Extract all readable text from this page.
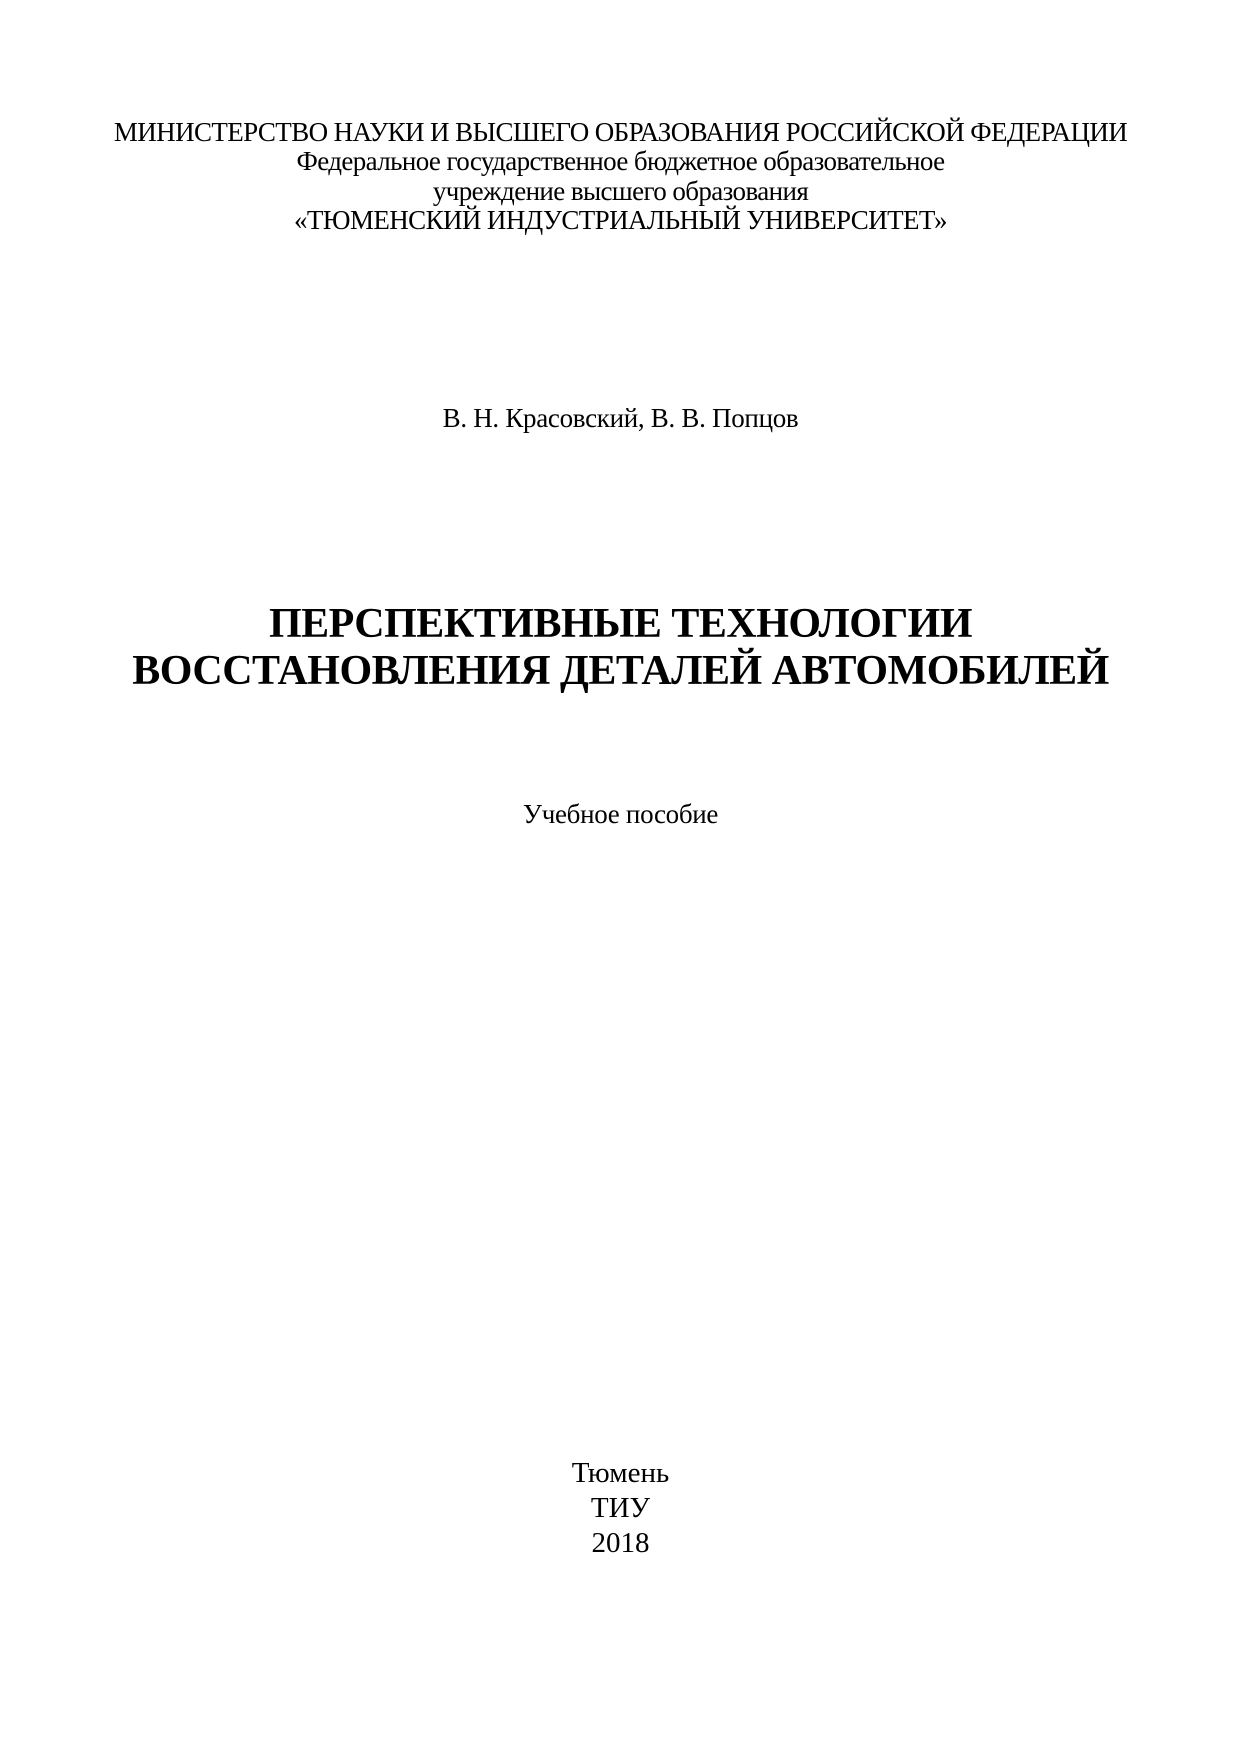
МИНИСТЕРСТВО НАУКИ И ВЫСШЕГО ОБРАЗОВАНИЯ РОССИЙСКОЙ ФЕДЕРАЦИИ
Федеральное государственное бюджетное образовательное
учреждение высшего образования
«ТЮМЕНСКИЙ ИНДУСТРИАЛЬНЫЙ УНИВЕРСИТЕТ»
В. Н. Красовский, В. В. Попцов
ПЕРСПЕКТИВНЫЕ ТЕХНОЛОГИИ
ВОССТАНОВЛЕНИЯ ДЕТАЛЕЙ АВТОМОБИЛЕЙ
Учебное пособие
Тюмень
ТИУ
2018
